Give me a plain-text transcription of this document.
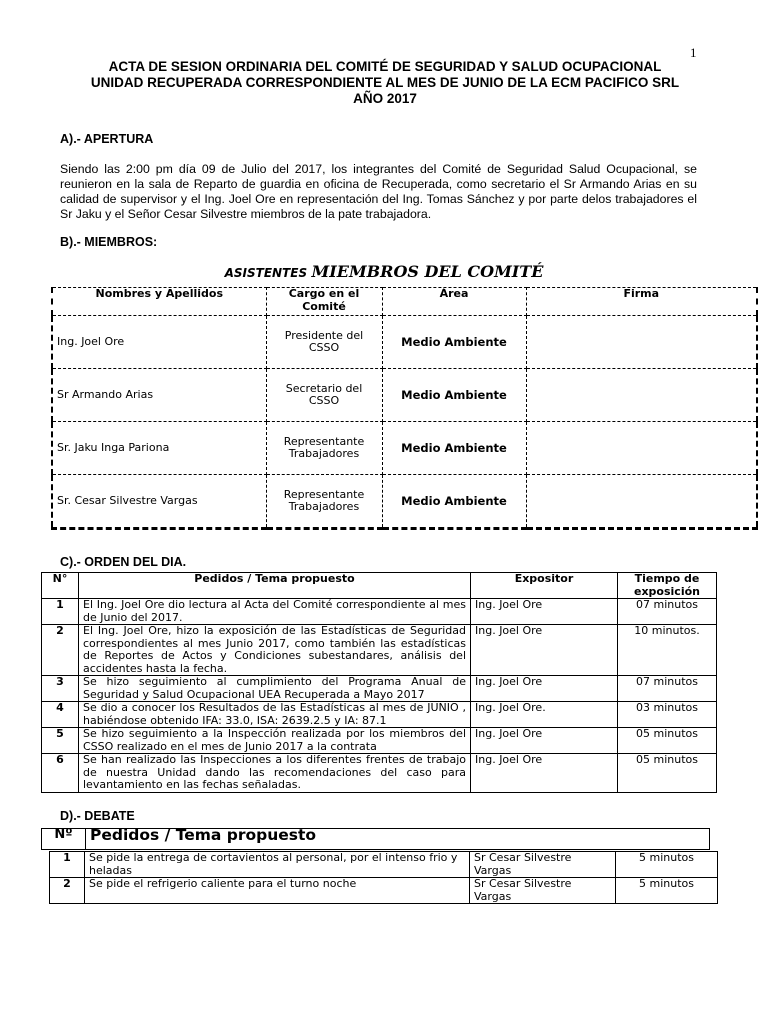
1
ACTA DE SESION ORDINARIA DEL COMITÉ DE SEGURIDAD Y SALUD OCUPACIONAL
UNIDAD RECUPERADA CORRESPONDIENTE AL MES DE JUNIO DE LA ECM PACIFICO SRL
AÑO 2017
A).- APERTURA
Siendo las 2:00 pm día 09 de Julio del 2017, los integrantes del Comité de Seguridad Salud Ocupacional, se reunieron en la sala de Reparto de guardia en oficina de Recuperada, como secretario el Sr Armando Arias en su calidad de supervisor y el Ing. Joel Ore en representación del Ing. Tomas Sánchez y por parte delos trabajadores el Sr Jaku y el Señor Cesar Silvestre miembros de la pate trabajadora.
B).- MIEMBROS:
ASISTENTES MIEMBROS DEL COMITÉ
Nombres y Apellidos	Cargo en el Comité	Área	Firma
Ing. Joel Ore	Presidente del CSSO	Medio Ambiente	
Sr Armando Arias	Secretario del CSSO	Medio Ambiente	
Sr. Jaku Inga Pariona	Representante Trabajadores	Medio Ambiente	
Sr. Cesar Silvestre Vargas	Representante Trabajadores	Medio Ambiente	
C).- ORDEN DEL DIA.
N°	Pedidos / Tema propuesto	Expositor	Tiempo de exposición
1	El Ing. Joel Ore dio lectura al Acta del Comité correspondiente al mes de Junio del 2017.	Ing. Joel Ore	07 minutos
2	El Ing. Joel Ore, hizo la exposición de las Estadísticas de Seguridad correspondientes al mes Junio 2017, como también las estadísticas de Reportes de Actos y Condiciones subestandares, análisis del accidentes hasta la fecha.	Ing. Joel Ore	10 minutos.
3	Se hizo seguimiento al cumplimiento del Programa Anual de Seguridad y Salud Ocupacional UEA Recuperada a Mayo 2017	Ing. Joel Ore	07 minutos
4	Se dio a conocer los Resultados de las Estadísticas al mes de JUNIO , habiéndose obtenido IFA: 33.0, ISA: 2639.2.5 y IA: 87.1	Ing. Joel Ore.	03 minutos
5	Se hizo seguimiento a la Inspección realizada por los miembros del CSSO realizado en el mes de Junio 2017 a la contrata	Ing. Joel Ore	05 minutos
6	Se han realizado las Inspecciones a los diferentes frentes de trabajo de nuestra Unidad dando las recomendaciones del caso para levantamiento en las fechas señaladas.	Ing. Joel Ore	05 minutos
D).- DEBATE
Nº	Pedidos / Tema propuesto
1	Se pide la entrega de cortavientos al personal, por el intenso frio y heladas	Sr Cesar Silvestre Vargas	5 minutos
2	Se pide el refrigerio caliente para el turno noche	Sr Cesar Silvestre Vargas	5 minutos
